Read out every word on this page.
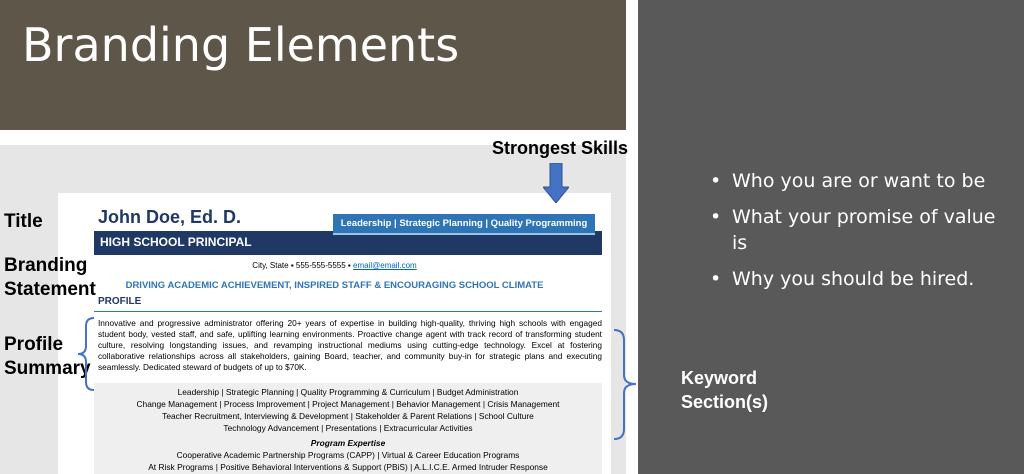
Branding Elements
• Who you are or want to be
• What your promise of value is
• Why you should be hired.
John Doe, Ed. D.
HIGH SCHOOL PRINCIPAL
Leadership | Strategic Planning | Quality Programming
City, State ▪ 555-555-5555 ▪ email@email.com
DRIVING ACADEMIC ACHIEVEMENT, INSPIRED STAFF & ENCOURAGING SCHOOL CLIMATE
PROFILE
Innovative and progressive administrator offering 20+ years of expertise in building high-quality, thriving high schools with engaged student body, vested staff, and safe, uplifting learning environments. Proactive change agent with track record of transforming student culture, resolving longstanding issues, and revamping instructional mediums using cutting-edge technology. Excel at fostering collaborative relationships across all stakeholders, gaining Board, teacher, and community buy-in for strategic plans and executing seamlessly. Dedicated steward of budgets of up to $70K.
Leadership | Strategic Planning | Quality Programming & Curriculum | Budget Administration
Change Management | Process Improvement | Project Management | Behavior Management | Crisis Management
Teacher Recruitment, Interviewing & Development | Stakeholder & Parent Relations | School Culture
Technology Advancement | Presentations | Extracurricular Activities
Program Expertise
Cooperative Academic Partnership Programs (CAPP) | Virtual & Career Education Programs
At Risk Programs | Positive Behavioral Interventions & Support (PBiS) | A.L.I.C.E. Armed Intruder Response
Title
Branding
Statement
Profile
Summary
Strongest Skills
Keyword
Section(s)
